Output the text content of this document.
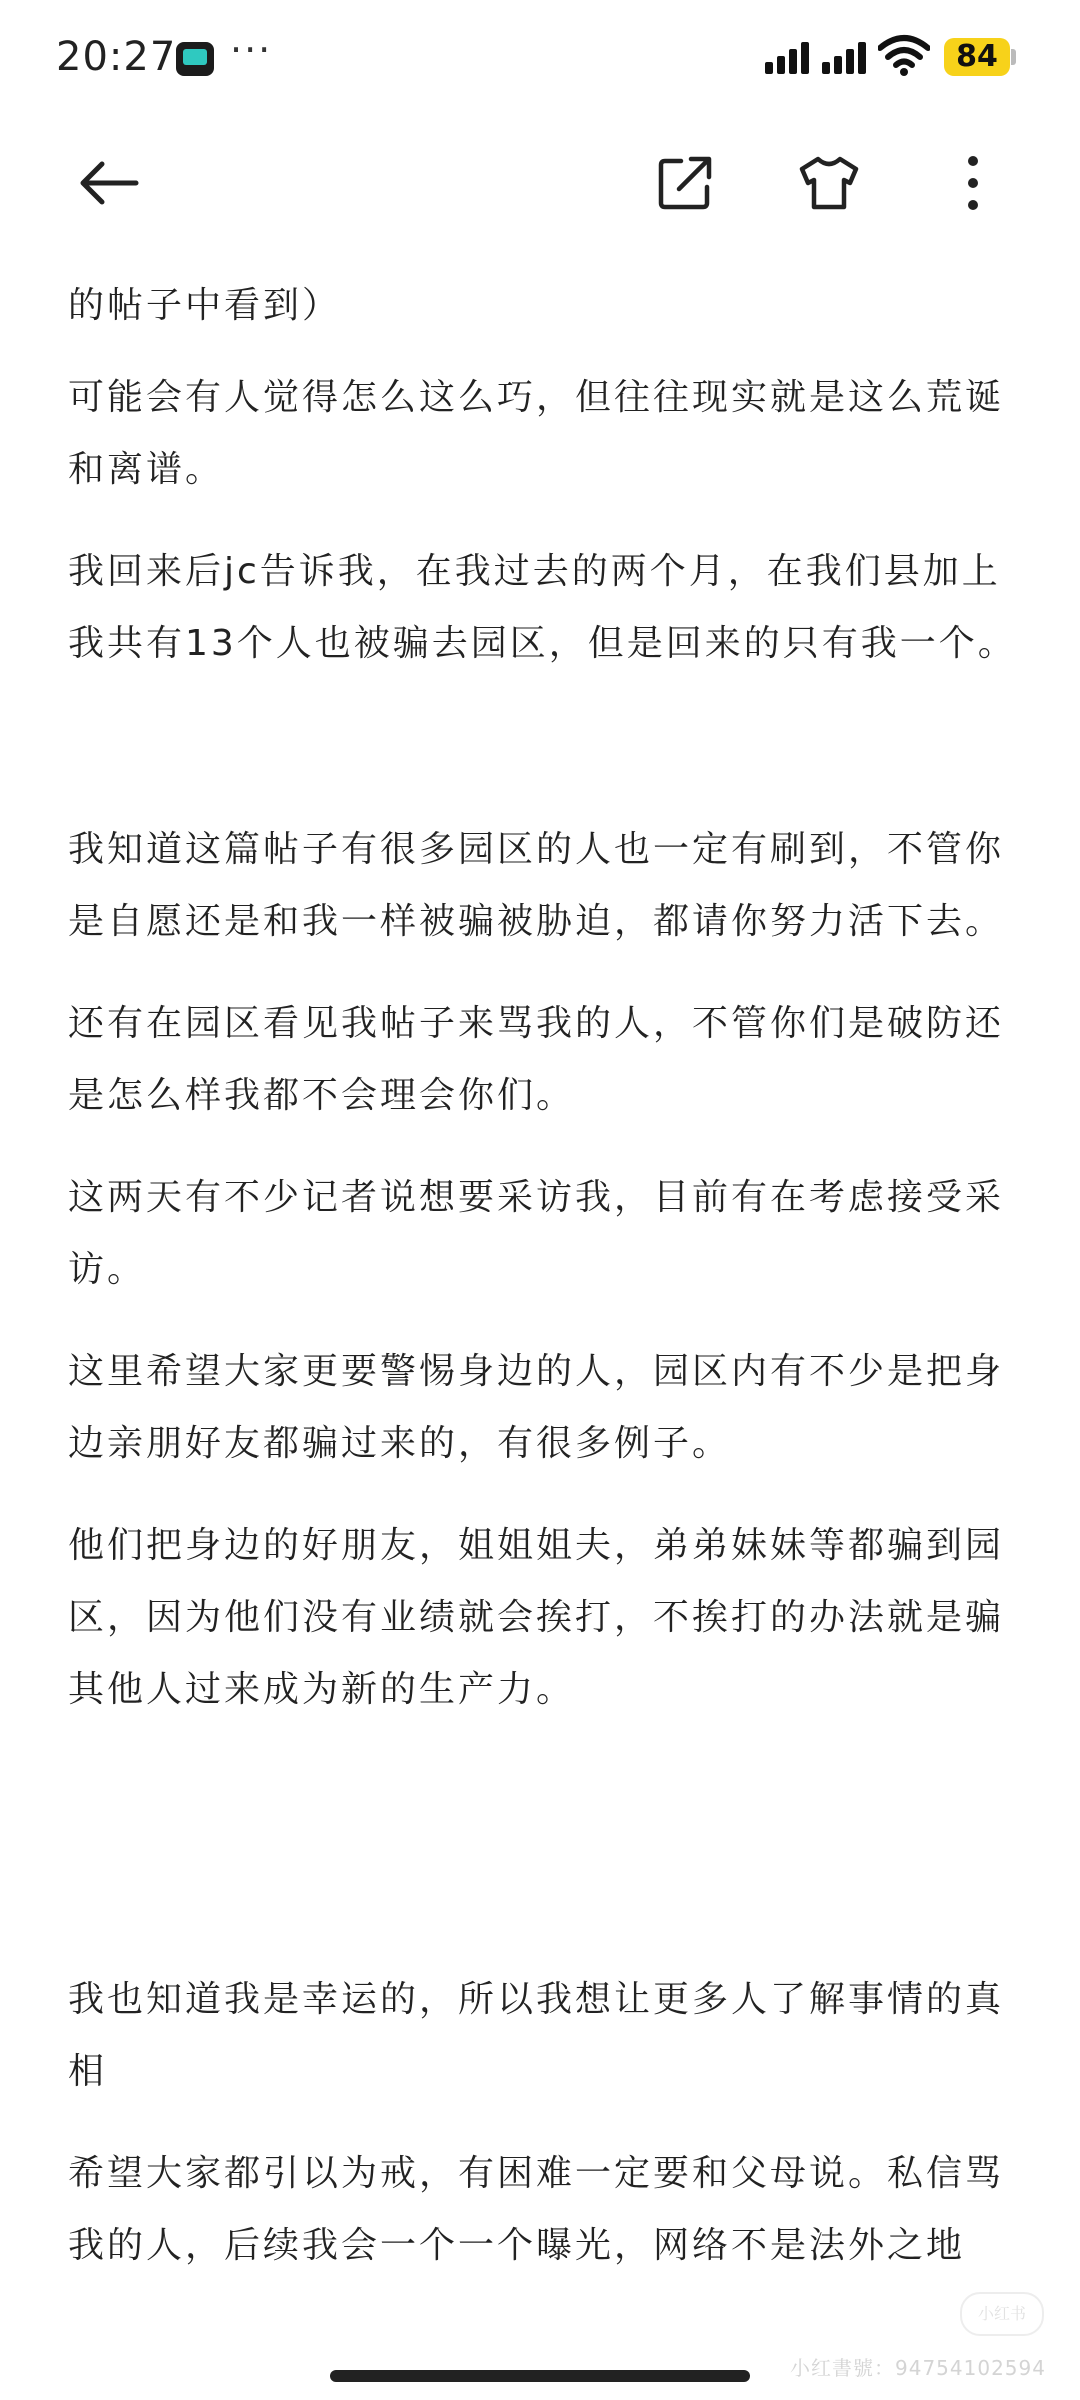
20:27 ···	84

的帖子中看到）

可能会有人觉得怎么这么巧，但往往现实就是这么荒诞和离谱。

我回来后jc告诉我，在我过去的两个月，在我们县加上我共有13个人也被骗去园区，但是回来的只有我一个。

我知道这篇帖子有很多园区的人也一定有刷到，不管你是自愿还是和我一样被骗被胁迫，都请你努力活下去。

还有在园区看见我帖子来骂我的人，不管你们是破防还是怎么样我都不会理会你们。

这两天有不少记者说想要采访我，目前有在考虑接受采访。

这里希望大家更要警惕身边的人，园区内有不少是把身边亲朋好友都骗过来的，有很多例子。

他们把身边的好朋友，姐姐姐夫，弟弟妹妹等都骗到园区，因为他们没有业绩就会挨打，不挨打的办法就是骗其他人过来成为新的生产力。

我也知道我是幸运的，所以我想让更多人了解事情的真相

希望大家都引以为戒，有困难一定要和父母说。私信骂我的人，后续我会一个一个曝光，网络不是法外之地

小红书
小红書號：94754102594
